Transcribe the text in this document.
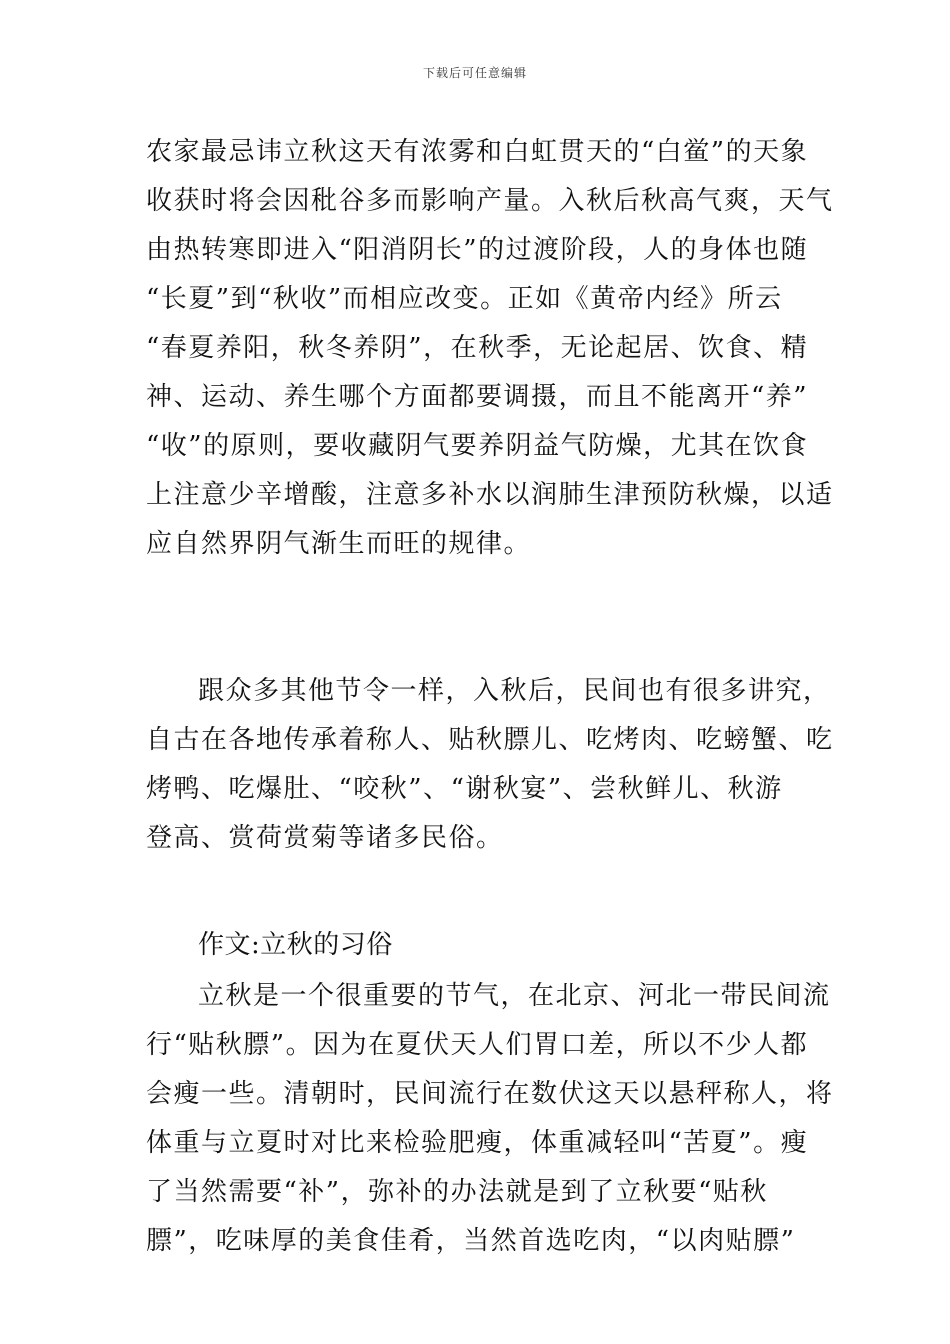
下载后可任意编辑
农家最忌讳立秋这天有浓雾和白虹贯天的“白鲎”的天象
收获时将会因秕谷多而影响产量。入秋后秋高气爽，天气
由热转寒即进入“阳消阴长”的过渡阶段，人的身体也随
“长夏”到“秋收”而相应改变。正如《黄帝内经》所云
“春夏养阳，秋冬养阴”，在秋季，无论起居、饮食、精
神、运动、养生哪个方面都要调摄，而且不能离开“养”
“收”的原则，要收藏阴气要养阴益气防燥，尤其在饮食
上注意少辛增酸，注意多补水以润肺生津预防秋燥，以适
应自然界阴气渐生而旺的规律。
跟众多其他节令一样，入秋后，民间也有很多讲究，
自古在各地传承着称人、贴秋膘儿、吃烤肉、吃螃蟹、吃
烤鸭、吃爆肚、“咬秋”、“谢秋宴”、尝秋鲜儿、秋游
登高、赏荷赏菊等诸多民俗。
作文:立秋的习俗
立秋是一个很重要的节气，在北京、河北一带民间流
行“贴秋膘”。因为在夏伏天人们胃口差，所以不少人都
会瘦一些。清朝时，民间流行在数伏这天以悬秤称人，将
体重与立夏时对比来检验肥瘦，体重减轻叫“苦夏”。瘦
了当然需要“补”，弥补的办法就是到了立秋要“贴秋
膘”，吃味厚的美食佳肴，当然首选吃肉，“以肉贴膘”
